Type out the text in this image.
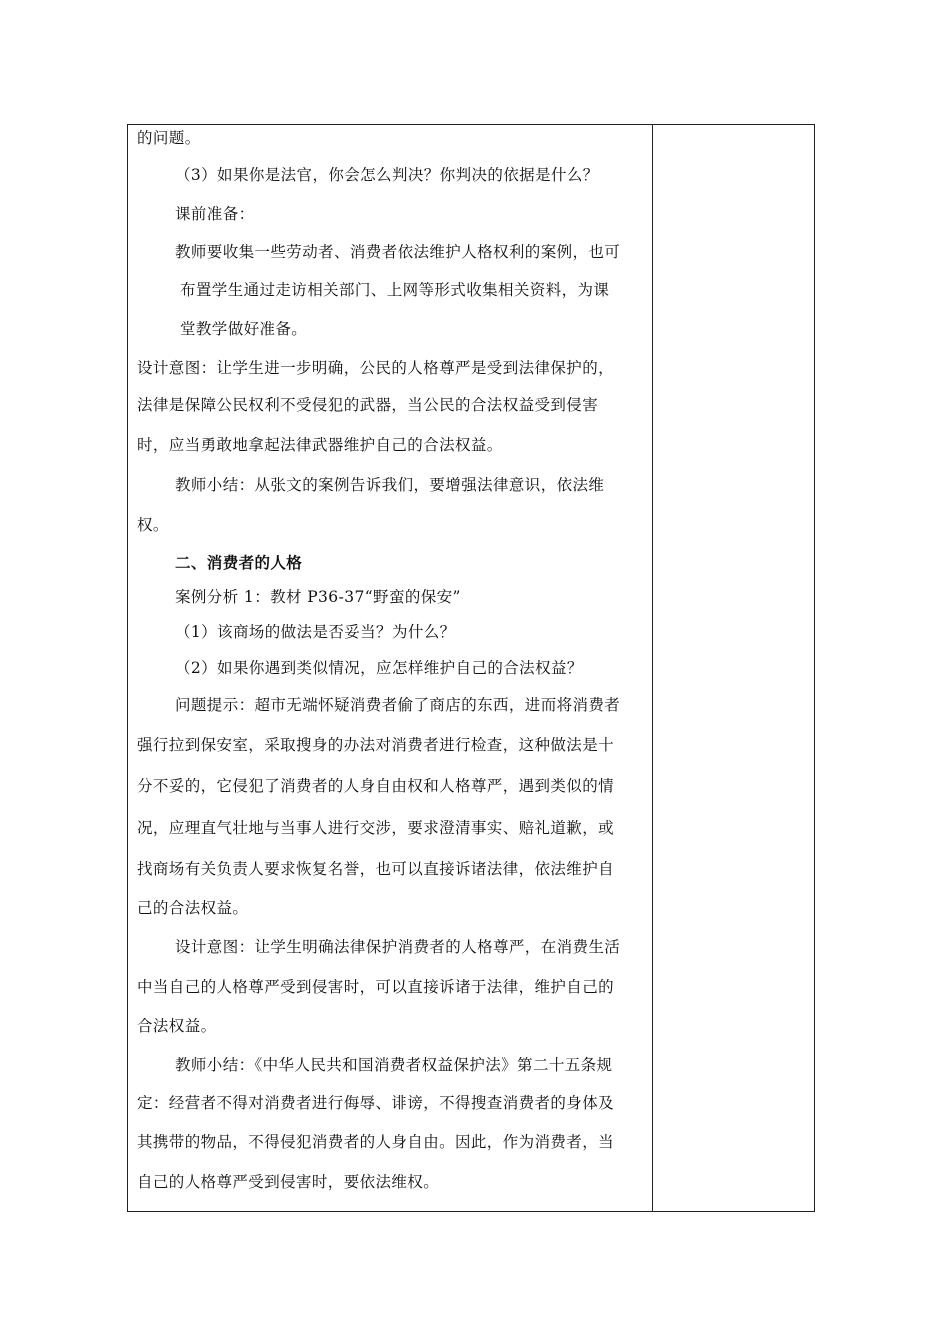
的问题。
（3）如果你是法官，你会怎么判决？你判决的依据是什么？
课前准备：
教师要收集一些劳动者、消费者依法维护人格权利的案例，也可
布置学生通过走访相关部门、上网等形式收集相关资料，为课
堂教学做好准备。
设计意图：让学生进一步明确，公民的人格尊严是受到法律保护的，
法律是保障公民权利不受侵犯的武器，当公民的合法权益受到侵害
时，应当勇敢地拿起法律武器维护自己的合法权益。
教师小结：从张文的案例告诉我们，要增强法律意识，依法维
权。
二、消费者的人格
案例分析 1：教材 P36-37“野蛮的保安”
（1）该商场的做法是否妥当？为什么？
（2）如果你遇到类似情况，应怎样维护自己的合法权益？
问题提示：超市无端怀疑消费者偷了商店的东西，进而将消费者
强行拉到保安室，采取搜身的办法对消费者进行检查，这种做法是十
分不妥的，它侵犯了消费者的人身自由权和人格尊严，遇到类似的情
况，应理直气壮地与当事人进行交涉，要求澄清事实、赔礼道歉，或
找商场有关负责人要求恢复名誉，也可以直接诉诸法律，依法维护自
己的合法权益。
设计意图：让学生明确法律保护消费者的人格尊严，在消费生活
中当自己的人格尊严受到侵害时，可以直接诉诸于法律，维护自己的
合法权益。
教师小结：《中华人民共和国消费者权益保护法》第二十五条规
定：经营者不得对消费者进行侮辱、诽谤，不得搜查消费者的身体及
其携带的物品，不得侵犯消费者的人身自由。因此，作为消费者，当
自己的人格尊严受到侵害时，要依法维权。
